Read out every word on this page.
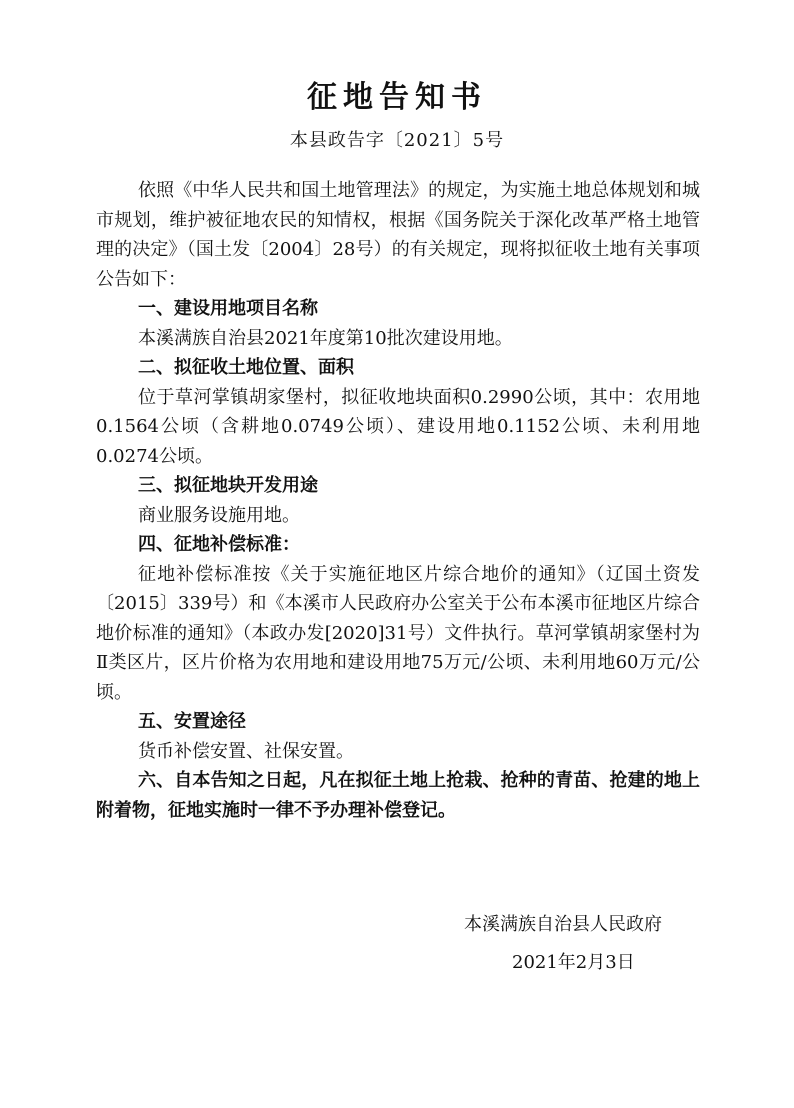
征地告知书
本县政告字〔2021〕5号

依照《中华人民共和国土地管理法》的规定，为实施土地总体规划和城市规划，维护被征地农民的知情权，根据《国务院关于深化改革严格土地管理的决定》（国土发〔2004〕28号）的有关规定，现将拟征收土地有关事项公告如下：

一、建设用地项目名称

本溪满族自治县2021年度第10批次建设用地。

二、拟征收土地位置、面积

位于草河掌镇胡家堡村，拟征收地块面积0.2990公顷，其中：农用地0.1564公顷（含耕地0.0749公顷）、建设用地0.1152公顷、未利用地0.0274公顷。

三、拟征地块开发用途

商业服务设施用地。

四、征地补偿标准：

征地补偿标准按《关于实施征地区片综合地价的通知》（辽国土资发〔2015〕339号）和《本溪市人民政府办公室关于公布本溪市征地区片综合地价标准的通知》（本政办发[2020]31号）文件执行。草河掌镇胡家堡村为Ⅱ类区片，区片价格为农用地和建设用地75万元/公顷、未利用地60万元/公顷。

五、安置途径

货币补偿安置、社保安置。

六、自本告知之日起，凡在拟征土地上抢栽、抢种的青苗、抢建的地上附着物，征地实施时一律不予办理补偿登记。

本溪满族自治县人民政府
2021年2月3日
